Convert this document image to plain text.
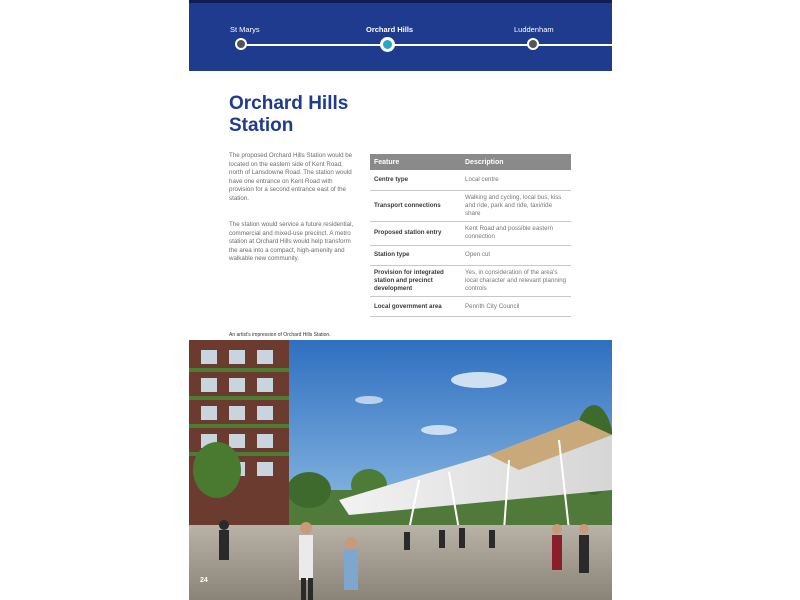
St Marys	Orchard Hills	Luddenham
Orchard Hills
Station
The proposed Orchard Hills Station would be located on the eastern side of Kent Road, north of Lansdowne Road. The station would have one entrance on Kent Road with provision for a second entrance east of the station.
The station would service a future residential, commercial and mixed-use precinct. A metro station at Orchard Hills would help transform the area into a compact, high-amenity and walkable new community.
Feature	Description
Centre type	Local centre
Transport connections	Walking and cycling, local bus, kiss and ride, park and ride, taxi/ride share
Proposed station entry	Kent Road and possible eastern connection
Station type	Open cut
Provision for integrated station and precinct development	Yes, in consideration of the area's local character and relevant planning controls
Local government area	Penrith City Council
An artist's impression of Orchard Hills Station.
24
